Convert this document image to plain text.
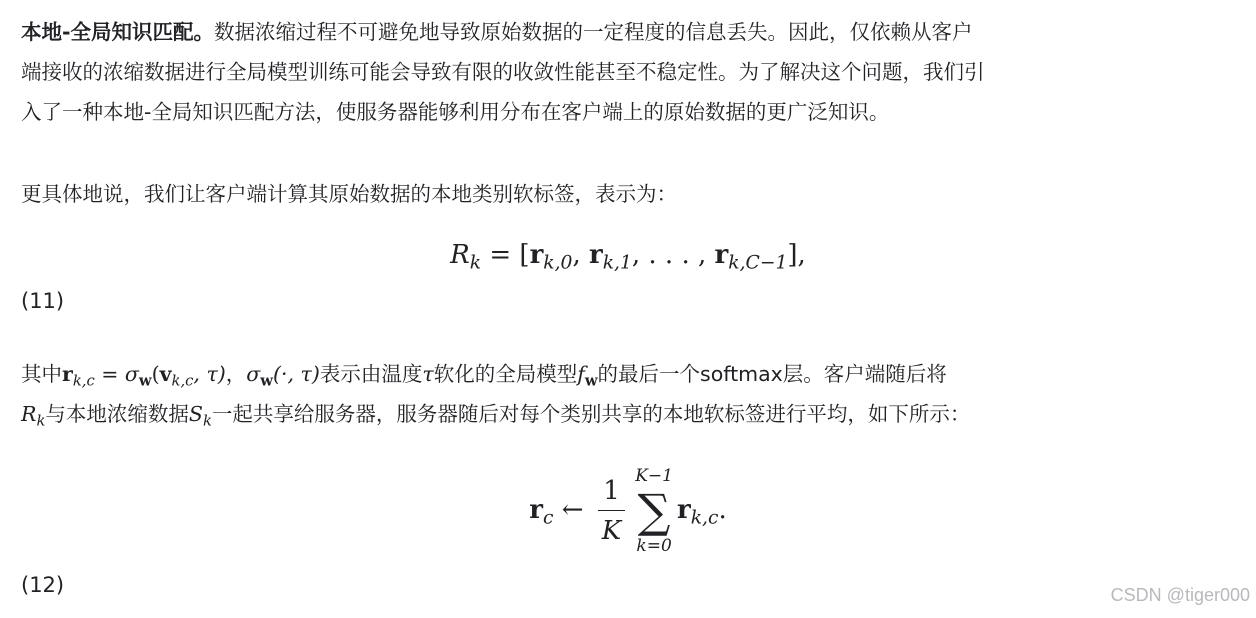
本地-全局知识匹配。数据浓缩过程不可避免地导致原始数据的一定程度的信息丢失。因此，仅依赖从客户
端接收的浓缩数据进行全局模型训练可能会导致有限的收敛性能甚至不稳定性。为了解决这个问题，我们引
入了一种本地-全局知识匹配方法，使服务器能够利用分布在客户端上的原始数据的更广泛知识。
更具体地说，我们让客户端计算其原始数据的本地类别软标签，表示为：
$R_k = [r_{k,0}$, $r_{k,1}$, . . . , $r_{k,C-1}$],
(11)
其中$r_{k,c} = \sigma_w(v_{k,c}$, τ)，$\sigma_w(\cdot$, τ)表示由温度τ软化的全局模型$f_w$的最后一个softmax层。客户端随后将
$R_k$与本地浓缩数据$S_k$一起共享给服务器，服务器随后对每个类别共享的本地软标签进行平均，如下所示：
$r_c$ ← $\frac{1}{K} K-1$
∑
k=0
$r_{k,c}$.
(12)	CSDN @tiger000
